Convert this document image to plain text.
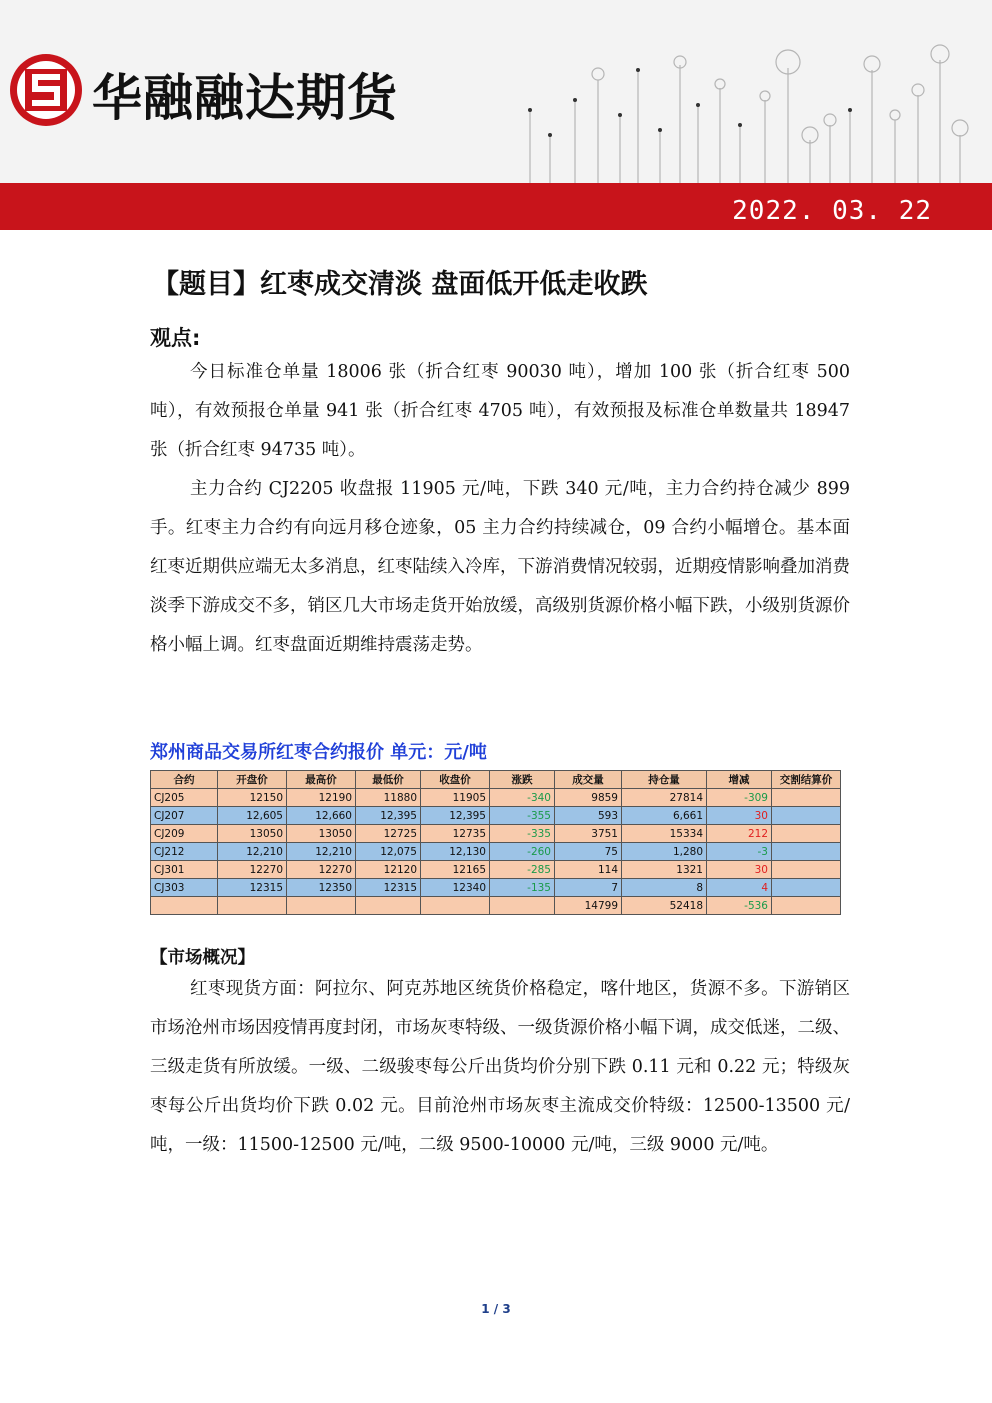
华融融达期货
2022. 03. 22
【题目】红枣成交清淡 盘面低开低走收跌
观点:

今日标准仓单量 18006 张（折合红枣 90030 吨），增加 100 张（折合红枣 500 吨），有效预报仓单量 941 张（折合红枣 4705 吨），有效预报及标准仓单数量共 18947 张（折合红枣 94735 吨）。

主力合约 CJ2205 收盘报 11905 元/吨，下跌 340 元/吨，主力合约持仓减少 899 手。红枣主力合约有向远月移仓迹象，05 主力合约持续减仓，09 合约小幅增仓。基本面红枣近期供应端无太多消息，红枣陆续入冷库，下游消费情况较弱，近期疫情影响叠加消费淡季下游成交不多，销区几大市场走货开始放缓，高级别货源价格小幅下跌，小级别货源价格小幅上调。红枣盘面近期维持震荡走势。

郑州商品交易所红枣合约报价 单元：元/吨
合约	开盘价	最高价	最低价	收盘价	涨跌	成交量	持仓量	增减	交割结算价
CJ205	12150	12190	11880	11905	-340	9859	27814	-309	
CJ207	12,605	12,660	12,395	12,395	-355	593	6,661	30	
CJ209	13050	13050	12725	12735	-335	3751	15334	212	
CJ212	12,210	12,210	12,075	12,130	-260	75	1,280	-3	
CJ301	12270	12270	12120	12165	-285	114	1321	30	
CJ303	12315	12350	12315	12340	-135	7	8	4	
						14799	52418	-536	
【市场概况】

红枣现货方面：阿拉尔、阿克苏地区统货价格稳定，喀什地区，货源不多。下游销区市场沧州市场因疫情再度封闭，市场灰枣特级、一级货源价格小幅下调，成交低迷，二级、三级走货有所放缓。一级、二级骏枣每公斤出货均价分别下跌 0.11 元和 0.22 元；特级灰枣每公斤出货均价下跌 0.02 元。目前沧州市场灰枣主流成交价特级：12500-13500 元/吨，一级：11500-12500 元/吨，二级 9500-10000 元/吨，三级 9000 元/吨。

1 / 3
